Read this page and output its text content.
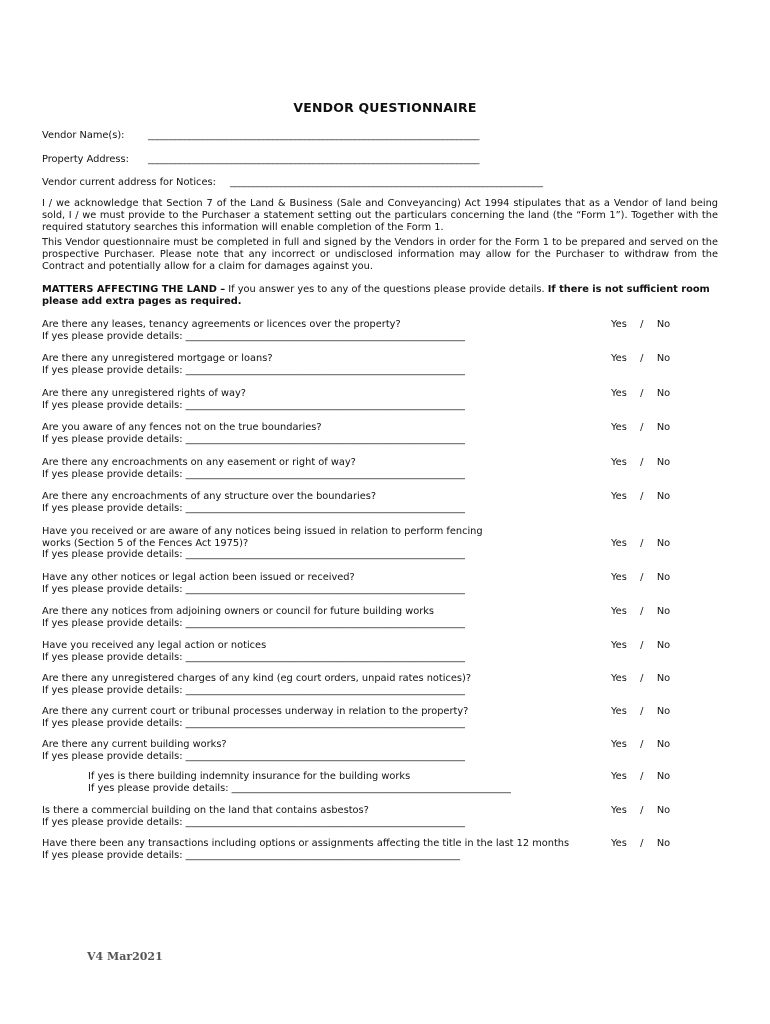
VENDOR QUESTIONNAIRE
Vendor Name(s): ________________________________________________________________________
Property Address: ________________________________________________________________________
Vendor current address for Notices: ____________________________________________________________________

I / we acknowledge that Section 7 of the Land & Business (Sale and Conveyancing) Act 1994 stipulates that as a Vendor of land being sold, I / we must provide to the Purchaser a statement setting out the particulars concerning the land (the “Form 1”). Together with the required statutory searches this information will enable completion of the Form 1.

This Vendor questionnaire must be completed in full and signed by the Vendors in order for the Form 1 to be prepared and served on the prospective Purchaser. Please note that any incorrect or undisclosed information may allow for the Purchaser to withdraw from the Contract and potentially allow for a claim for damages against you.

MATTERS AFFECTING THE LAND – If you answer yes to any of the questions please provide details. If there is not sufficient room please add extra pages as required.

Are there any leases, tenancy agreements or licences over the property?
If yes please provide details: _________________________________________________________
Yes / No
Are there any unregistered mortgage or loans?
If yes please provide details: _________________________________________________________
Yes / No
Are there any unregistered rights of way?
If yes please provide details: _________________________________________________________
Yes / No
Are you aware of any fences not on the true boundaries?
If yes please provide details: _________________________________________________________
Yes / No
Are there any encroachments on any easement or right of way?
If yes please provide details: _________________________________________________________
Yes / No
Are there any encroachments of any structure over the boundaries?
If yes please provide details: _________________________________________________________
Yes / No
Have you received or are aware of any notices being issued in relation to perform fencing
works (Section 5 of the Fences Act 1975)?
If yes please provide details: _________________________________________________________
Yes / No
Have any other notices or legal action been issued or received?
If yes please provide details: _________________________________________________________
Yes / No
Are there any notices from adjoining owners or council for future building works
If yes please provide details: _________________________________________________________
Yes / No
Have you received any legal action or notices
If yes please provide details: _________________________________________________________
Yes / No
Are there any unregistered charges of any kind (eg court orders, unpaid rates notices)?
If yes please provide details: _________________________________________________________
Yes / No
Are there any current court or tribunal processes underway in relation to the property?
If yes please provide details: _________________________________________________________
Yes / No
Are there any current building works?
If yes please provide details: _________________________________________________________
Yes / No
If yes is there building indemnity insurance for the building works
If yes please provide details: _________________________________________________________
Yes / No
Is there a commercial building on the land that contains asbestos?
If yes please provide details: _________________________________________________________
Yes / No
Have there been any transactions including options or assignments affecting the title in the last 12 months
If yes please provide details: ________________________________________________________
Yes / No
V4 Mar2021
